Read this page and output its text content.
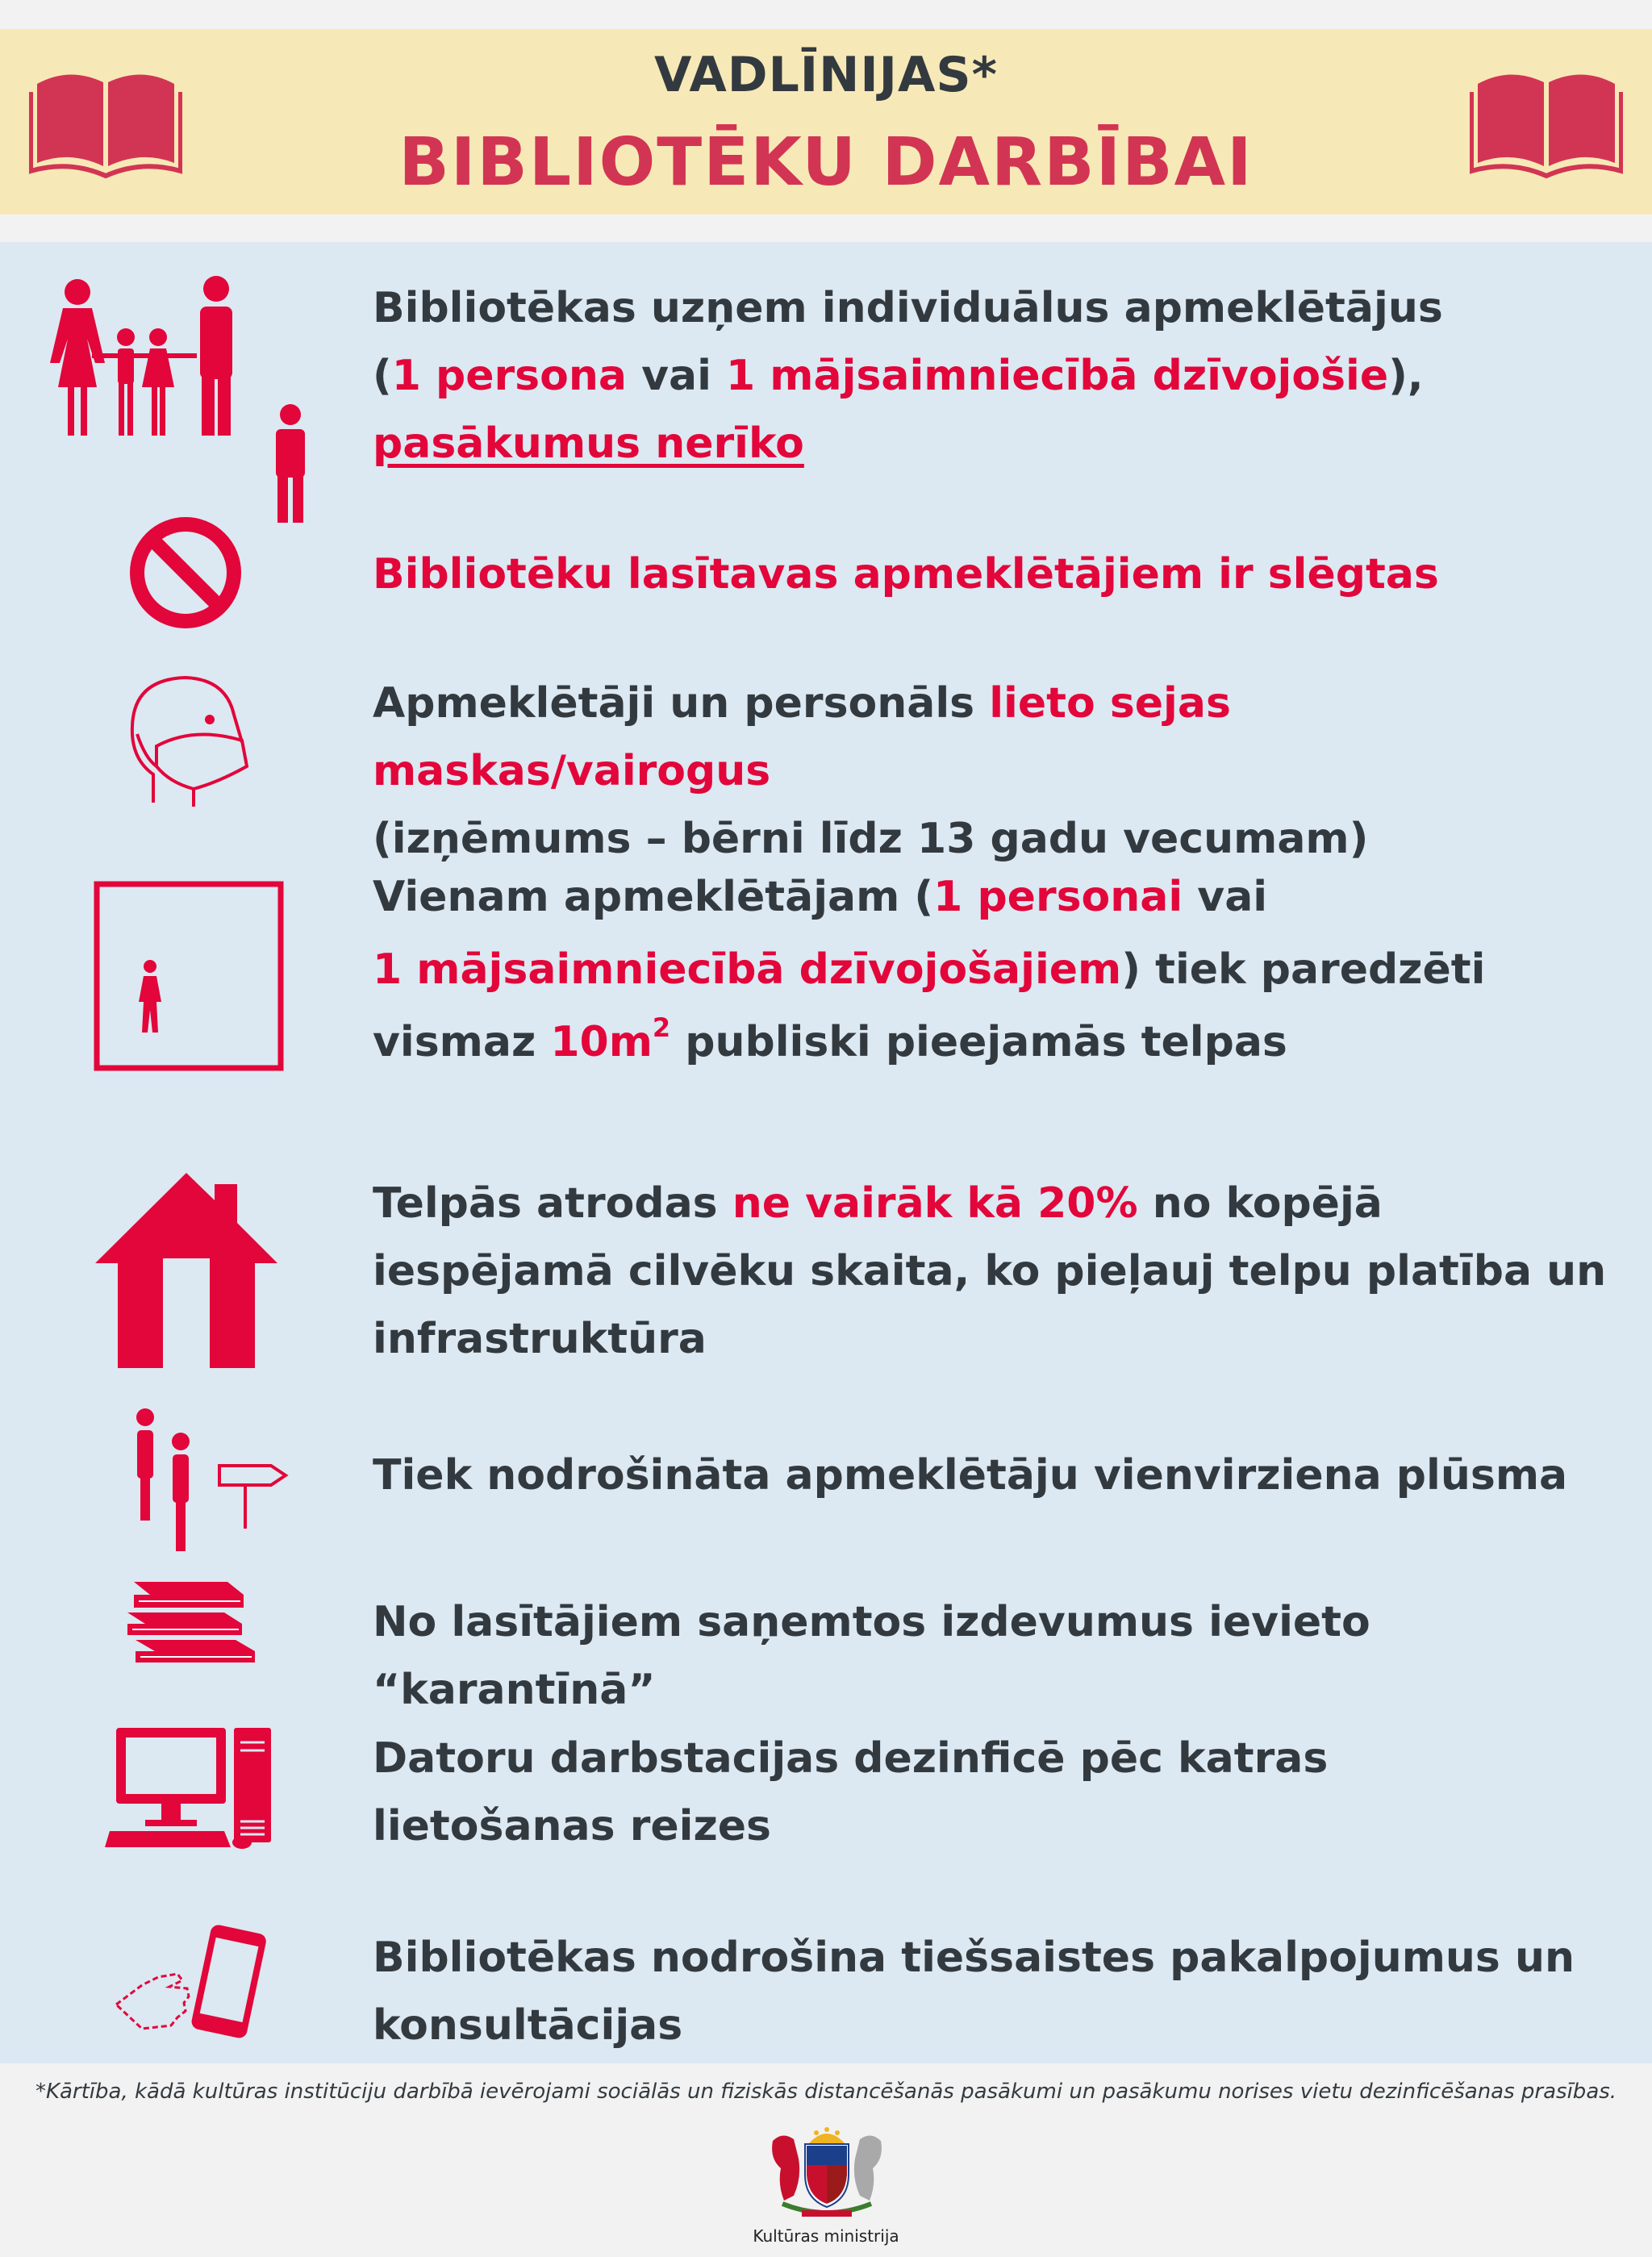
VADLĪNIJAS*
BIBLIOTĒKU DARBĪBAI
Bibliotēkas uzņem individuālus apmeklētājus
(1 persona vai 1 mājsaimniecībā dzīvojošie),
pasākumus nerīko
Bibliotēku lasītavas apmeklētājiem ir slēgtas
Apmeklētāji un personāls lieto sejas maskas/vairogus
(izņēmums – bērni līdz 13 gadu vecumam)
Vienam apmeklētājam (1 personai vai
1 mājsaimniecībā dzīvojošajiem) tiek paredzēti
vismaz $10m^2$ publiski pieejamās telpas
Telpās atrodas ne vairāk kā 20% no kopējā
iespējamā cilvēku skaita, ko pieļauj telpu platība un
infrastruktūra
Tiek nodrošināta apmeklētāju vienvirziena plūsma
No lasītājiem saņemtos izdevumus ievieto “karantīnā”
Datoru darbstacijas dezinficē pēc katras
lietošanas reizes
Bibliotēkas nodrošina tiešsaistes pakalpojumus un
konsultācijas
*Kārtība, kādā kultūras institūciju darbībā ievērojami sociālās un fiziskās distancēšanās pasākumi un pasākumu norises vietu dezinficēšanas prasības.
Kultūras ministrija
